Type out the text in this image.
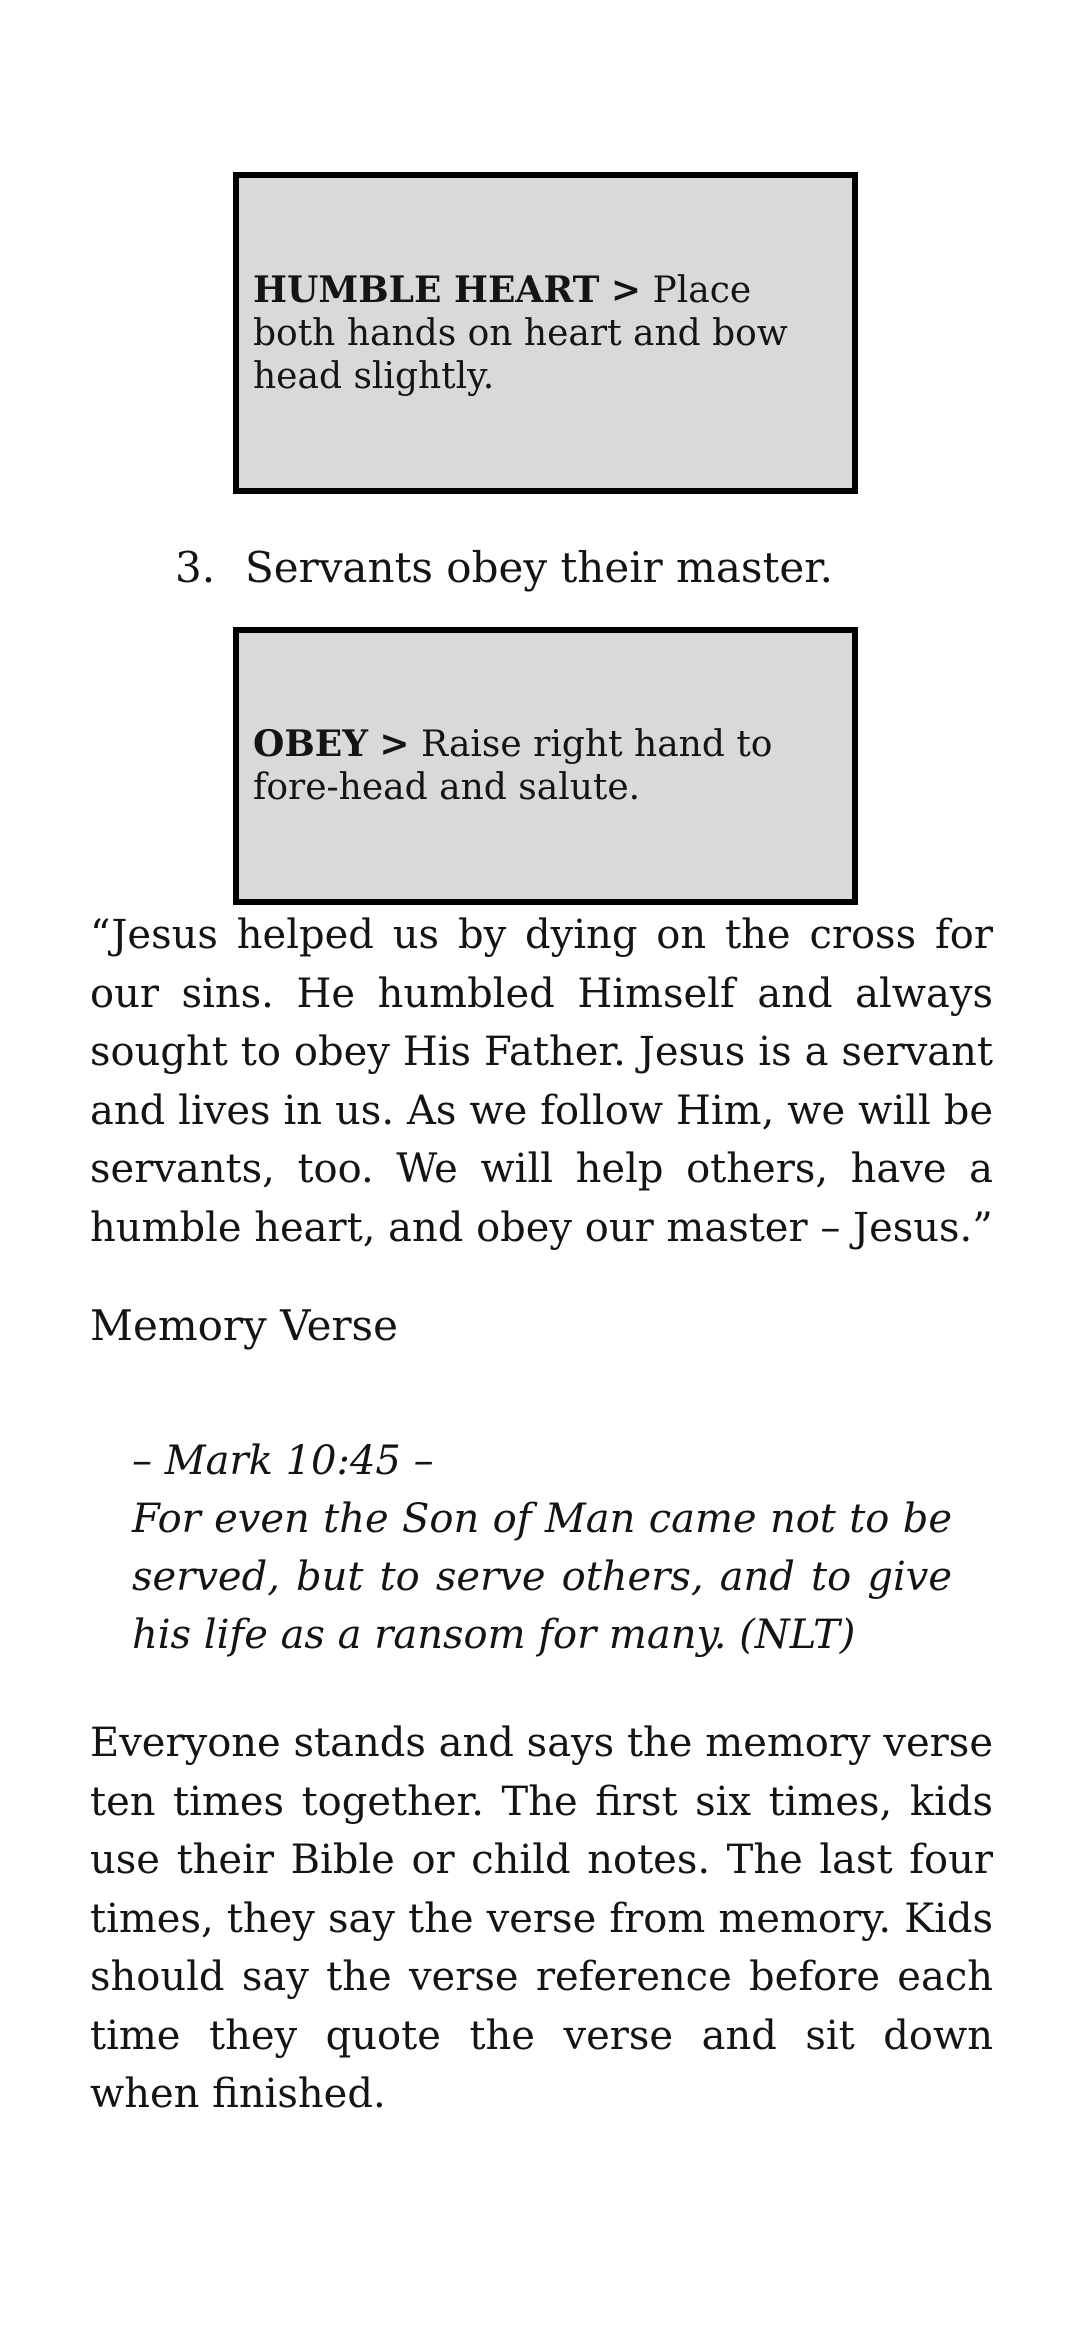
HUMBLE HEART > Place both hands on heart and bow head slightly.
3. Servants obey their master.
OBEY > Raise right hand to fore-head and salute.

“Jesus helped us by dying on the cross for our sins. He humbled Himself and always sought to obey His Father. Jesus is a servant and lives in us. As we follow Him, we will be servants, too. We will help others, have a humble heart, and obey our master – Jesus.”

Memory Verse
– Mark 10:45 –
For even the Son of Man came not to be served, but to serve others, and to give his life as a ransom for many. (NLT)

Everyone stands and says the memory verse ten times together. The first six times, kids use their Bible or child notes. The last four times, they say the verse from memory. Kids should say the verse reference before each time they quote the verse and sit down when finished.
